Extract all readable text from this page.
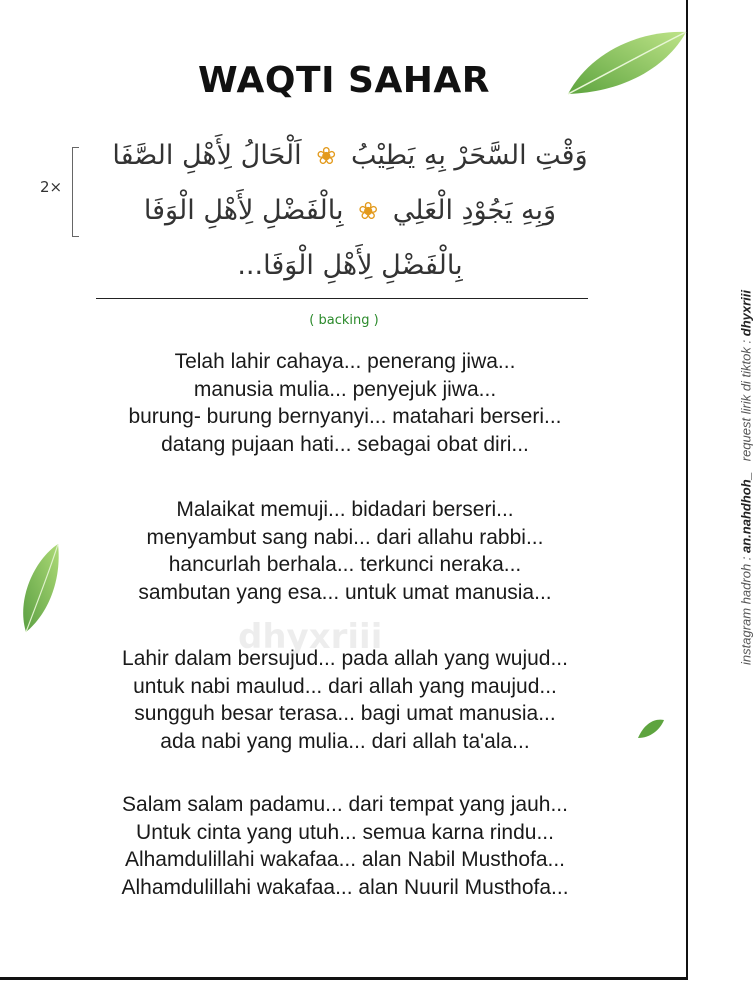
WAQTI SAHAR
وَقْتِ السَّحَرْ بِهِ يَطِيْبُ ❀ اَلْحَالُ لِأَهْلِ الصَّفَا
وَبِهِ يَجُوْدِ الْعَلِي ❀ بِالْفَضْلِ لِأَهْلِ الْوَفَا
بِالْفَضْلِ لِأَهْلِ الْوَفَا...
2×
( backing )
dhyxriii
Telah lahir cahaya... penerang jiwa...
manusia mulia... penyejuk jiwa...
burung- burung bernyanyi... matahari berseri...
datang pujaan hati... sebagai obat diri...
Malaikat memuji... bidadari berseri...
menyambut sang nabi... dari allahu rabbi...
hancurlah berhala... terkunci neraka...
sambutan yang esa... untuk umat manusia...
Lahir dalam bersujud... pada allah yang wujud...
untuk nabi maulud... dari allah yang maujud...
sungguh besar terasa... bagi umat manusia...
ada nabi yang mulia... dari allah ta'ala...
Salam salam padamu... dari tempat yang jauh...
Untuk cinta yang utuh... semua karna rindu...
Alhamdulillahi wakafaa... alan Nabil Musthofa...
Alhamdulillahi wakafaa... alan Nuuril Musthofa...
instagram hadroh : an.nahdhoh_   request lirik di tiktok : dhyxriii
